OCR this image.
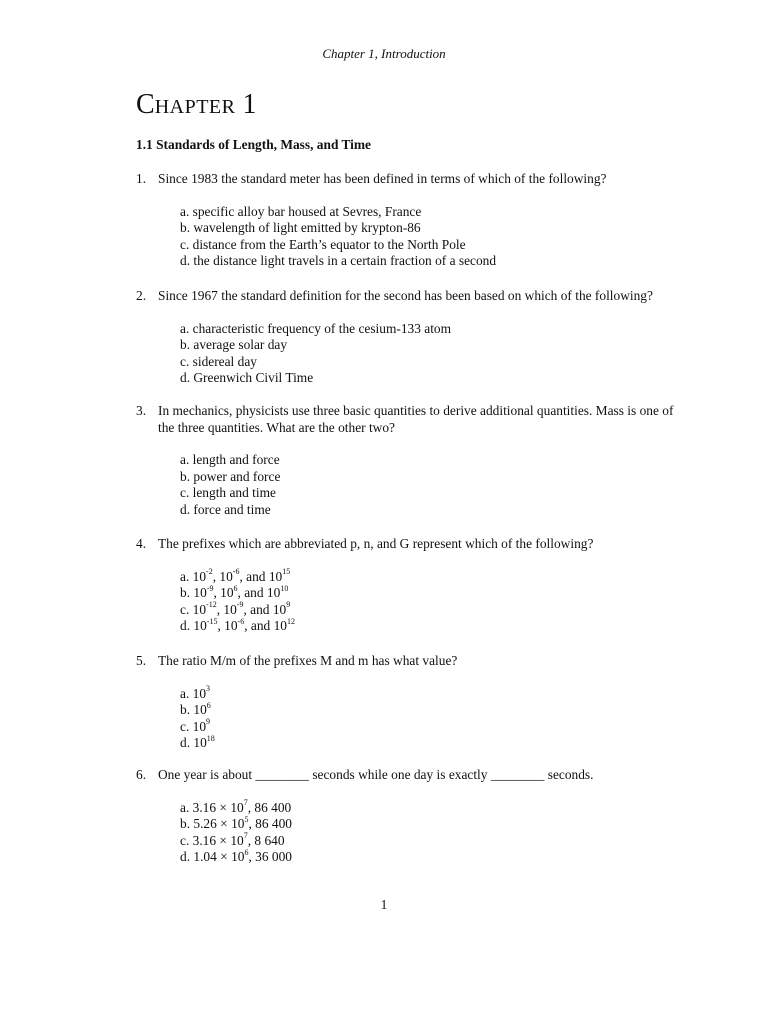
Chapter 1, Introduction
CHAPTER 1
1.1 Standards of Length, Mass, and Time
1. Since 1983 the standard meter has been defined in terms of which of the following?
a. specific alloy bar housed at Sevres, France
b. wavelength of light emitted by krypton-86
c. distance from the Earth’s equator to the North Pole
d. the distance light travels in a certain fraction of a second
2. Since 1967 the standard definition for the second has been based on which of the following?
a. characteristic frequency of the cesium-133 atom
b. average solar day
c. sidereal day
d. Greenwich Civil Time
3. In mechanics, physicists use three basic quantities to derive additional quantities. Mass is one of the three quantities. What are the other two?
a. length and force
b. power and force
c. length and time
d. force and time
4. The prefixes which are abbreviated p, n, and G represent which of the following?
a. $10^{-2}$, $10^{-6}$, and $10^{15}$
b. $10^{-9}$, $10^6$, and $10^{10}$
c. $10^{-12}$, $10^{-9}$, and $10^9$
d. $10^{-15}$, $10^{-6}$, and $10^{12}$
5. The ratio M/m of the prefixes M and m has what value?
a. $10^3$
b. $10^6$
c. $10^9$
d. $10^{18}$
6. One year is about ________ seconds while one day is exactly ________ seconds.
a. $3.16 \times 10^7$, 86 400
b. $5.26 \times 10^5$, 86 400
c. $3.16 \times 10^7$, 8 640
d. $1.04 \times 10^6$, 36 000
1
